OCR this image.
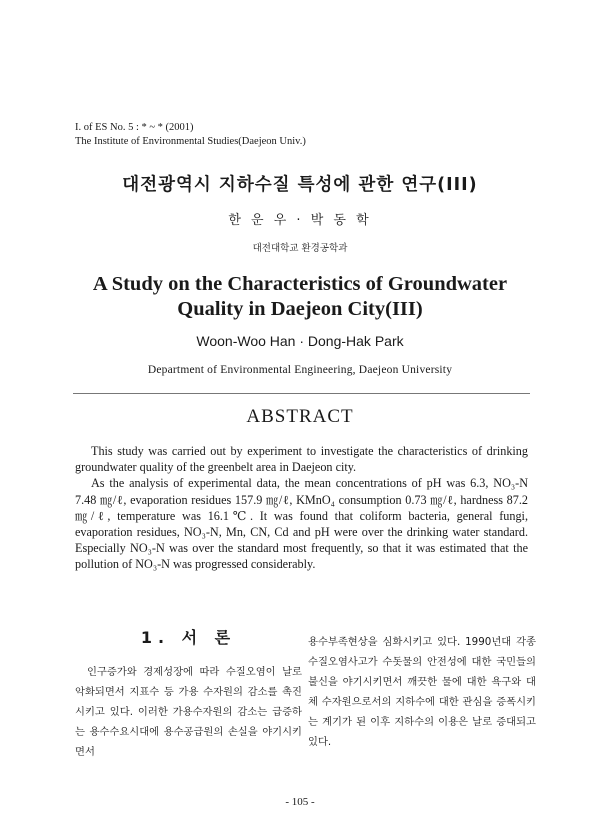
I. of ES No. 5 : * ~ * (2001)
The Institute of Environmental Studies(Daejeon Univ.)
대전광역시 지하수질 특성에 관한 연구(III)
한 운 우 · 박 동 학
대전대학교 환경공학과
A Study on the Characteristics of Groundwater
Quality in Daejeon City(III)
Woon-Woo Han · Dong-Hak Park
Department of Environmental Engineering, Daejeon University
ABSTRACT

This study was carried out by experiment to investigate the characteristics of drinking groundwater quality of the greenbelt area in Daejeon city.

As the analysis of experimental data, the mean concentrations of pH was 6.3, NO₃-N 7.48 ㎎/ℓ, evaporation residues 157.9 ㎎/ℓ, KMnO₄ consumption 0.73 ㎎/ℓ, hardness 87.2㎎/ℓ, temperature was 16.1℃. It was found that coliform bacteria, general fungi, evaporation residues, NO₃-N, Mn, CN, Cd and pH were over the drinking water standard. Especially NO₃-N was over the standard most frequently, so that it was estimated that the pollution of NO₃-N was progressed considerably.

1. 서 론

인구증가와 경제성장에 따라 수질오염이 날로 악화되면서 지표수 등 가용 수자원의 감소를 촉진시키고 있다. 이러한 가용수자원의 감소는 급증하는 용수수요시대에 용수공급원의 손실을 야기시키면서

용수부족현상을 심화시키고 있다. 1990년대 각종 수질오염사고가 수돗물의 안전성에 대한 국민들의 불신을 야기시키면서 깨끗한 물에 대한 욕구와 대체 수자원으로서의 지하수에 대한 관심을 증폭시키는 계기가 된 이후 지하수의 이용은 날로 증대되고 있다.

- 105 -
